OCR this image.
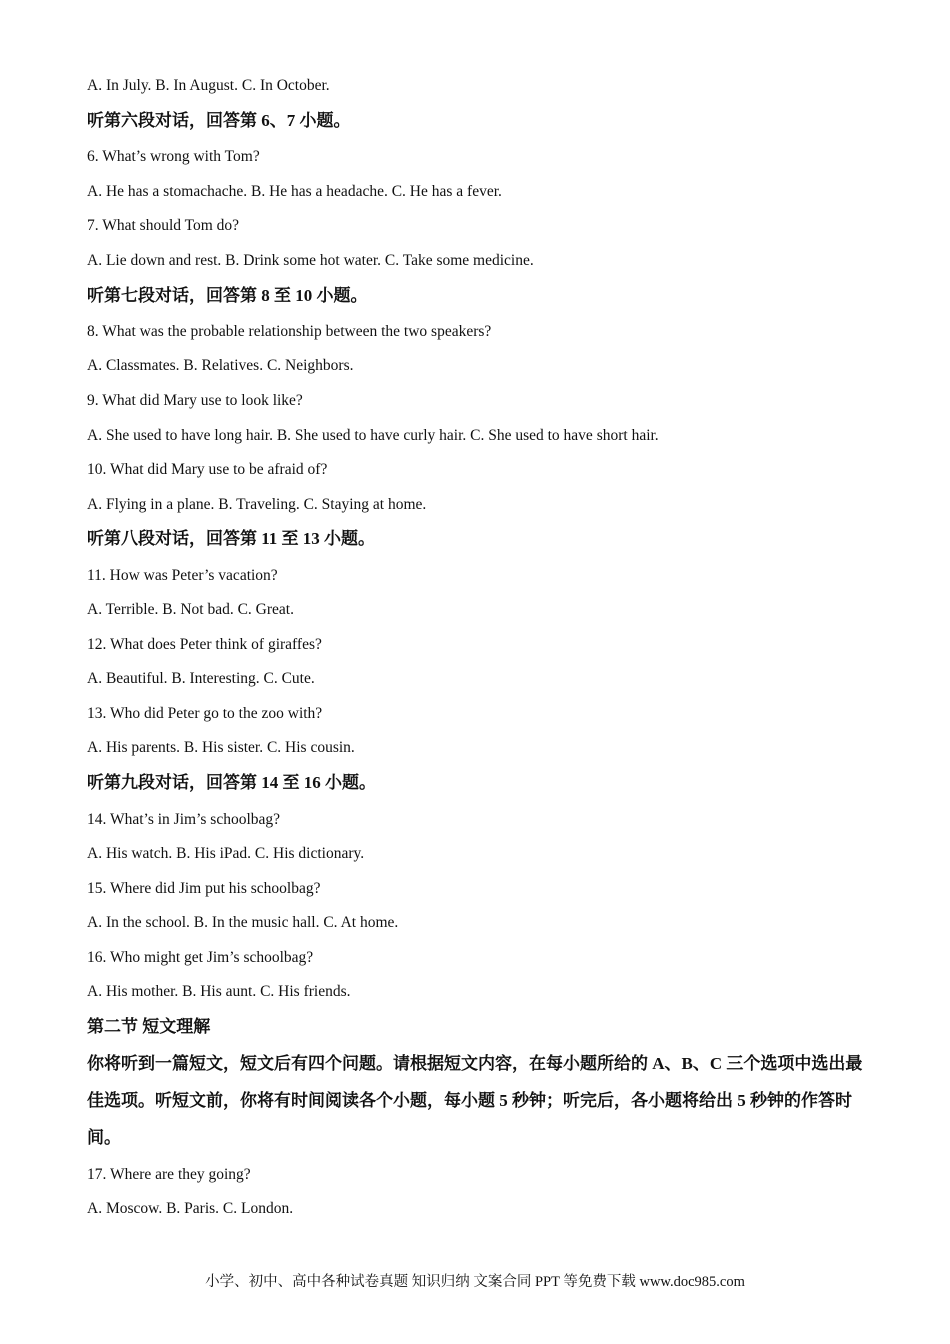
A. In July. B. In August. C. In October.
听第六段对话，回答第 6、7 小题。
6. What’s wrong with Tom?
A. He has a stomachache. B. He has a headache. C. He has a fever.
7. What should Tom do?
A. Lie down and rest. B. Drink some hot water. C. Take some medicine.
听第七段对话，回答第 8 至 10 小题。
8. What was the probable relationship between the two speakers?
A. Classmates. B. Relatives. C. Neighbors.
9. What did Mary use to look like?
A. She used to have long hair. B. She used to have curly hair. C. She used to have short hair.
10. What did Mary use to be afraid of?
A. Flying in a plane. B. Traveling. C. Staying at home.
听第八段对话，回答第 11 至 13 小题。
11. How was Peter’s vacation?
A. Terrible. B. Not bad. C. Great.
12. What does Peter think of giraffes?
A. Beautiful. B. Interesting. C. Cute.
13. Who did Peter go to the zoo with?
A. His parents. B. His sister. C. His cousin.
听第九段对话，回答第 14 至 16 小题。
14. What’s in Jim’s schoolbag?
A. His watch. B. His iPad. C. His dictionary.
15. Where did Jim put his schoolbag?
A. In the school. B. In the music hall. C. At home.
16. Who might get Jim’s schoolbag?
A. His mother. B. His aunt. C. His friends.
第二节 短文理解
你将听到一篇短文，短文后有四个问题。请根据短文内容，在每小题所给的 A、B、C 三个选项中选出最佳选项。听短文前，你将有时间阅读各个小题，每小题 5 秒钟；听完后，各小题将给出 5 秒钟的作答时间。
17. Where are they going?
A. Moscow. B. Paris. C. London.
小学、初中、高中各种试卷真题 知识归纳 文案合同 PPT 等免费下载 www.doc985.com
